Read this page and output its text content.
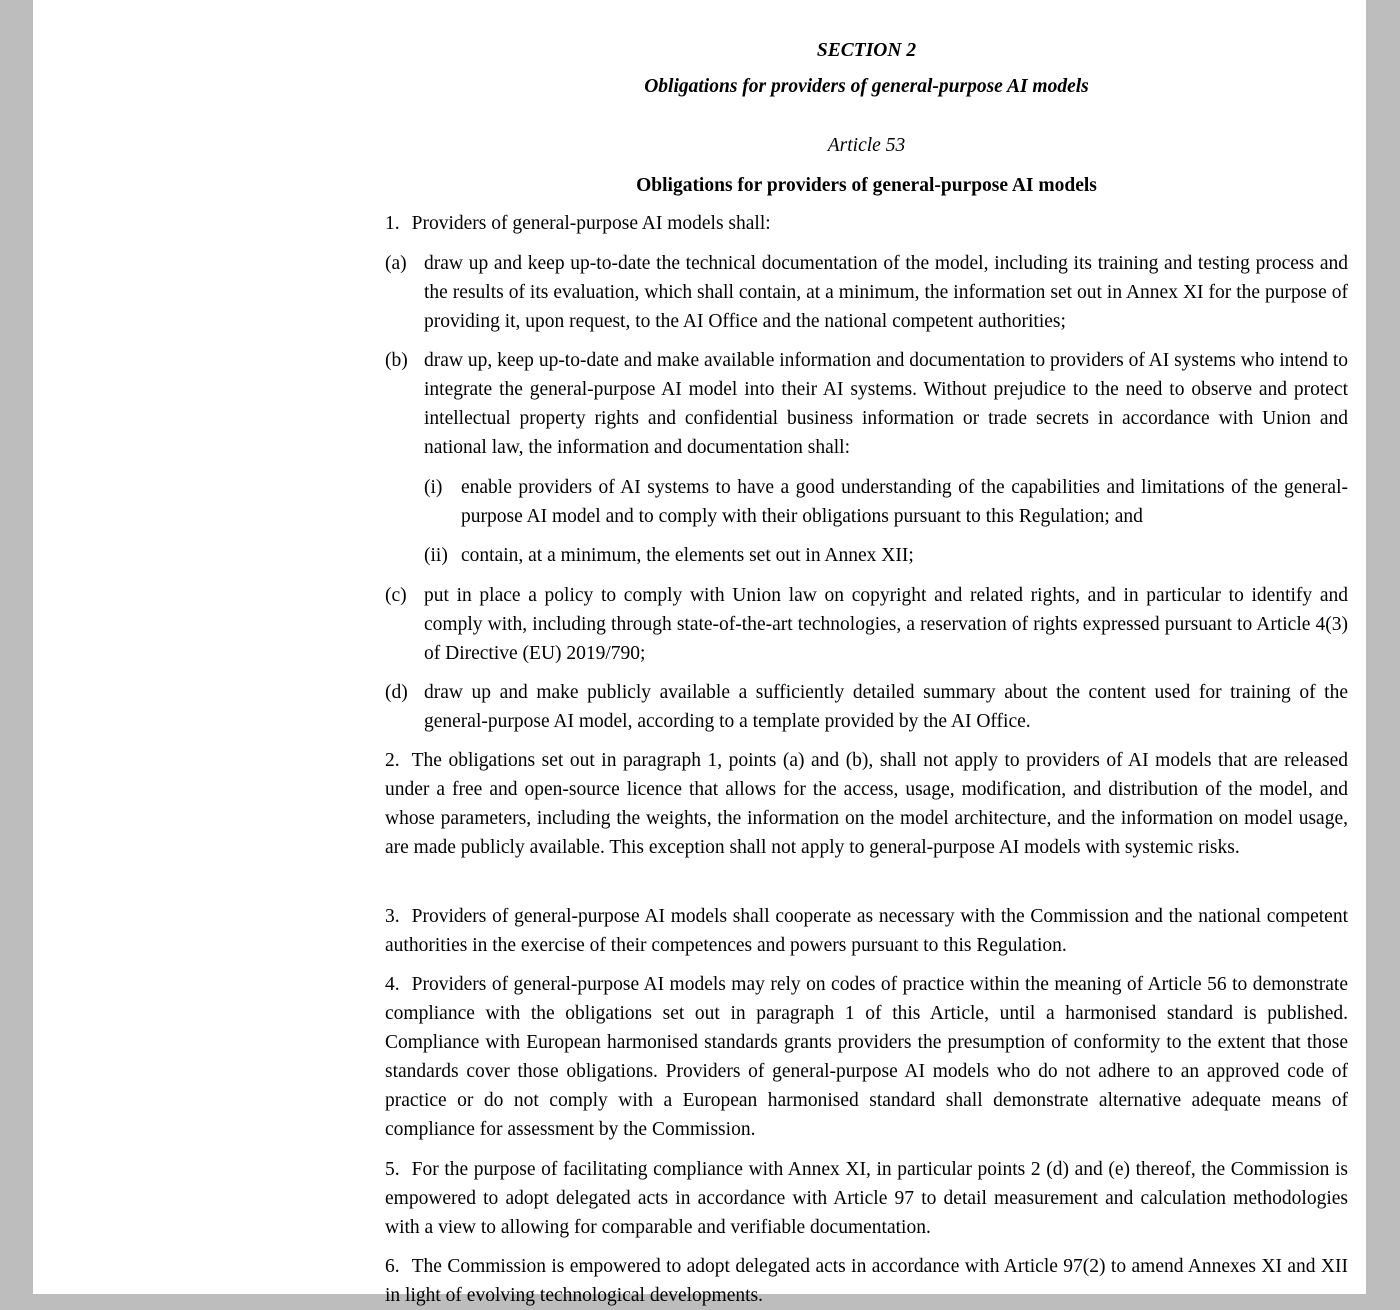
SECTION 2
Obligations for providers of general-purpose AI models
Article 53
Obligations for providers of general-purpose AI models
1. Providers of general-purpose AI models shall:
(a) draw up and keep up-to-date the technical documentation of the model, including its training and testing process and the results of its evaluation, which shall contain, at a minimum, the information set out in Annex XI for the purpose of providing it, upon request, to the AI Office and the national competent authorities;
(b) draw up, keep up-to-date and make available information and documentation to providers of AI systems who intend to integrate the general-purpose AI model into their AI systems. Without prejudice to the need to observe and protect intellectual property rights and confidential business information or trade secrets in accordance with Union and national law, the information and documentation shall:
(i) enable providers of AI systems to have a good understanding of the capabilities and limitations of the general-purpose AI model and to comply with their obligations pursuant to this Regulation; and
(ii) contain, at a minimum, the elements set out in Annex XII;
(c) put in place a policy to comply with Union law on copyright and related rights, and in particular to identify and comply with, including through state-of-the-art technologies, a reservation of rights expressed pursuant to Article 4(3) of Directive (EU) 2019/790;
(d) draw up and make publicly available a sufficiently detailed summary about the content used for training of the general-purpose AI model, according to a template provided by the AI Office.
2. The obligations set out in paragraph 1, points (a) and (b), shall not apply to providers of AI models that are released under a free and open-source licence that allows for the access, usage, modification, and distribution of the model, and whose parameters, including the weights, the information on the model architecture, and the information on model usage, are made publicly available. This exception shall not apply to general-purpose AI models with systemic risks.
3. Providers of general-purpose AI models shall cooperate as necessary with the Commission and the national competent authorities in the exercise of their competences and powers pursuant to this Regulation.
4. Providers of general-purpose AI models may rely on codes of practice within the meaning of Article 56 to demonstrate compliance with the obligations set out in paragraph 1 of this Article, until a harmonised standard is published. Compliance with European harmonised standards grants providers the presumption of conformity to the extent that those standards cover those obligations. Providers of general-purpose AI models who do not adhere to an approved code of practice or do not comply with a European harmonised standard shall demonstrate alternative adequate means of compliance for assessment by the Commission.
5. For the purpose of facilitating compliance with Annex XI, in particular points 2 (d) and (e) thereof, the Commission is empowered to adopt delegated acts in accordance with Article 97 to detail measurement and calculation methodologies with a view to allowing for comparable and verifiable documentation.
6. The Commission is empowered to adopt delegated acts in accordance with Article 97(2) to amend Annexes XI and XII in light of evolving technological developments.
